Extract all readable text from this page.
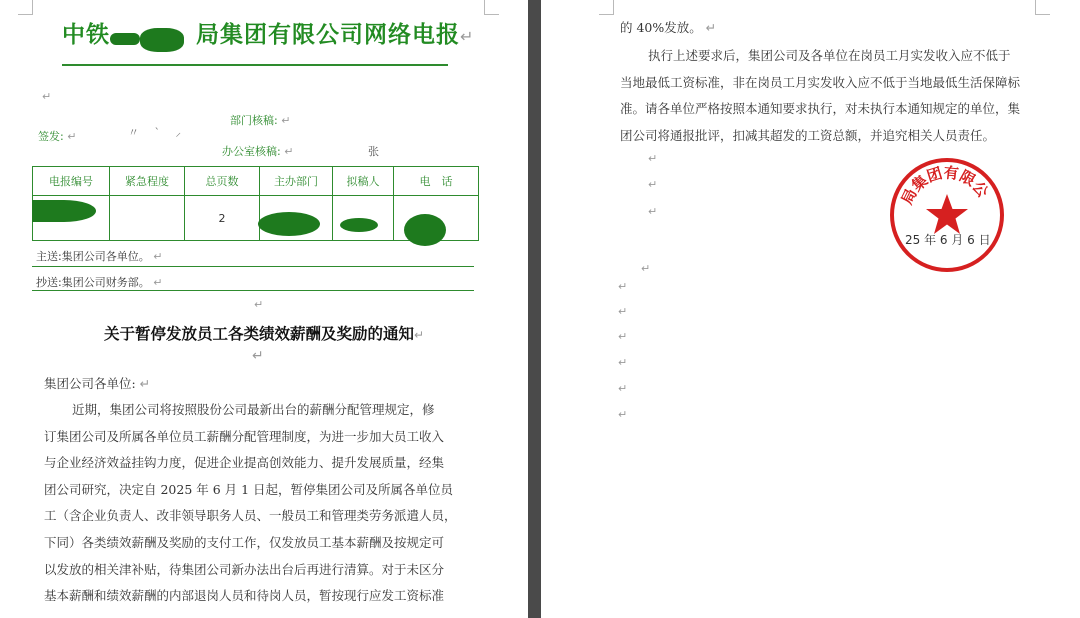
中铁	局集团有限公司网络电报↵
↵
签发: ↵	〃 ˋ ⸝
部门核稿: ↵
办公室核稿: ↵	张
电报编号	紧急程度	总页数	主办部门	拟稿人	电　话
		2			
主送:集团公司各单位。 ↵
抄送:集团公司财务部。 ↵
↵
关于暂停发放员工各类绩效薪酬及奖励的通知↵
↵
集团公司各单位: ↵
近期，集团公司将按照股份公司最新出台的薪酬分配管理规定，修
订集团公司及所属各单位员工薪酬分配管理制度，为进一步加大员工收入
与企业经济效益挂钩力度，促进企业提高创效能力、提升发展质量，经集
团公司研究，决定自 2025 年 6 月 1 日起，暂停集团公司及所属各单位员
工（含企业负责人、改非领导职务人员、一般员工和管理类劳务派遣人员，
下同）各类绩效薪酬及奖励的支付工作，仅发放员工基本薪酬及按规定可
以发放的相关津补贴，待集团公司新办法出台后再进行清算。对于未区分
基本薪酬和绩效薪酬的内部退岗人员和待岗人员，暂按现行应发工资标准
的 40%发放。 ↵
执行上述要求后，集团公司及各单位在岗员工月实发收入应不低于
当地最低工资标准，非在岗员工月实发收入应不低于当地最低生活保障标
准。请各单位严格按照本通知要求执行，对未执行本通知规定的单位，集
团公司将通报批评，扣减其超发的工资总额，并追究相关人员责任。
↵
↵
↵
↵
↵
↵
↵
↵
↵
↵
25 年 6 月 6 日
局集团有限公
